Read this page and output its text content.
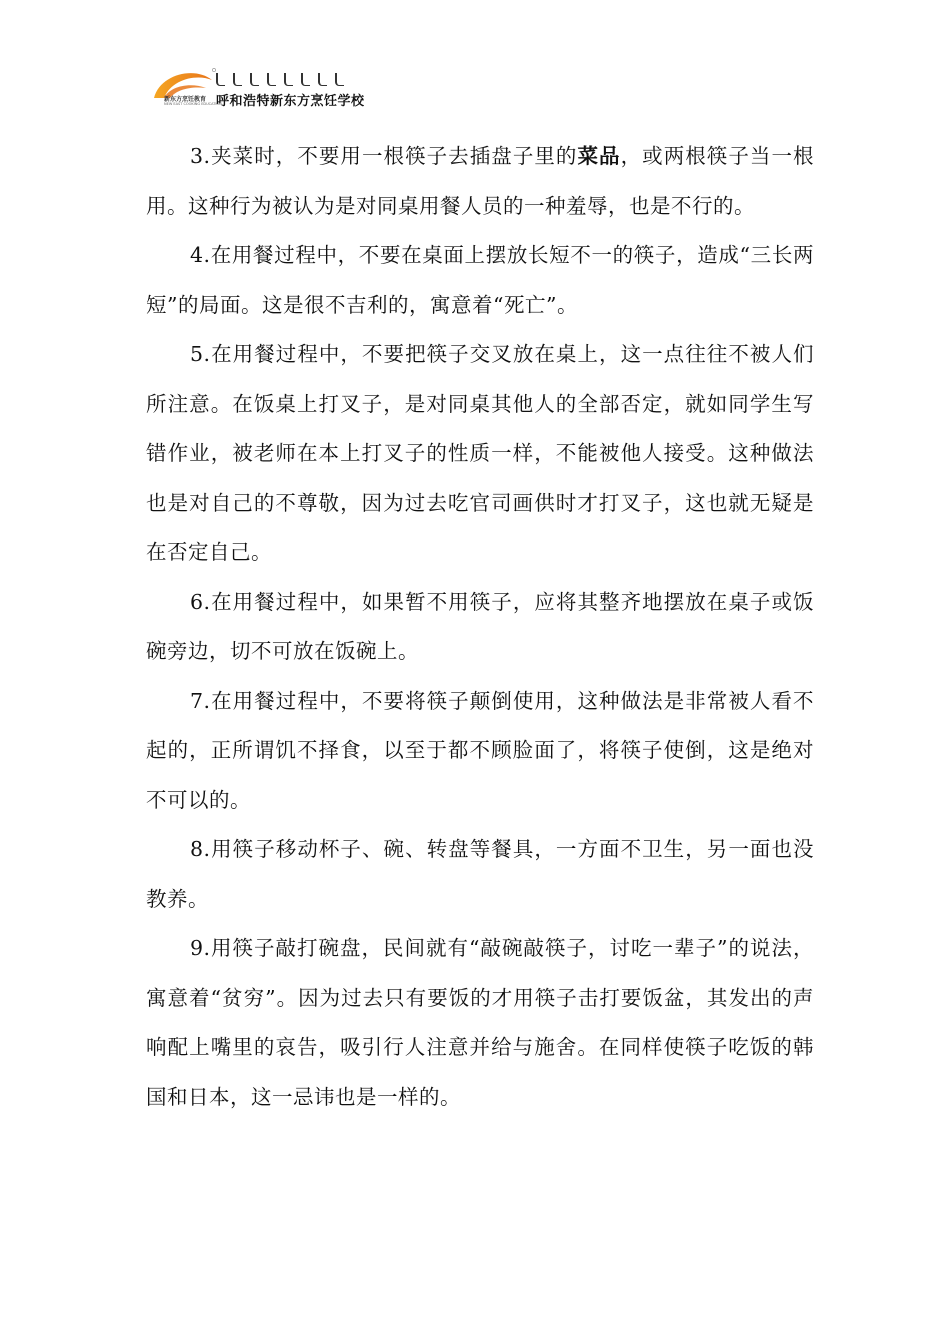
新东方烹饪教育
NEW EAST COOKING EDUCATION
呼和浩特新东方烹饪学校

3.夹菜时，不要用一根筷子去插盘子里的菜品，或两根筷子当一根用。这种行为被认为是对同桌用餐人员的一种羞辱，也是不行的。

4.在用餐过程中，不要在桌面上摆放长短不一的筷子，造成“三长两短”的局面。这是很不吉利的，寓意着“死亡”。

5.在用餐过程中，不要把筷子交叉放在桌上，这一点往往不被人们所注意。在饭桌上打叉子，是对同桌其他人的全部否定，就如同学生写错作业，被老师在本上打叉子的性质一样，不能被他人接受。这种做法也是对自己的不尊敬，因为过去吃官司画供时才打叉子，这也就无疑是在否定自己。

6.在用餐过程中，如果暂不用筷子，应将其整齐地摆放在桌子或饭碗旁边，切不可放在饭碗上。

7.在用餐过程中，不要将筷子颠倒使用，这种做法是非常被人看不起的，正所谓饥不择食，以至于都不顾脸面了，将筷子使倒，这是绝对不可以的。

8.用筷子移动杯子、碗、转盘等餐具，一方面不卫生，另一面也没教养。

9.用筷子敲打碗盘，民间就有“敲碗敲筷子，讨吃一辈子”的说法，寓意着“贫穷”。因为过去只有要饭的才用筷子击打要饭盆，其发出的声响配上嘴里的哀告，吸引行人注意并给与施舍。在同样使筷子吃饭的韩国和日本，这一忌讳也是一样的。
